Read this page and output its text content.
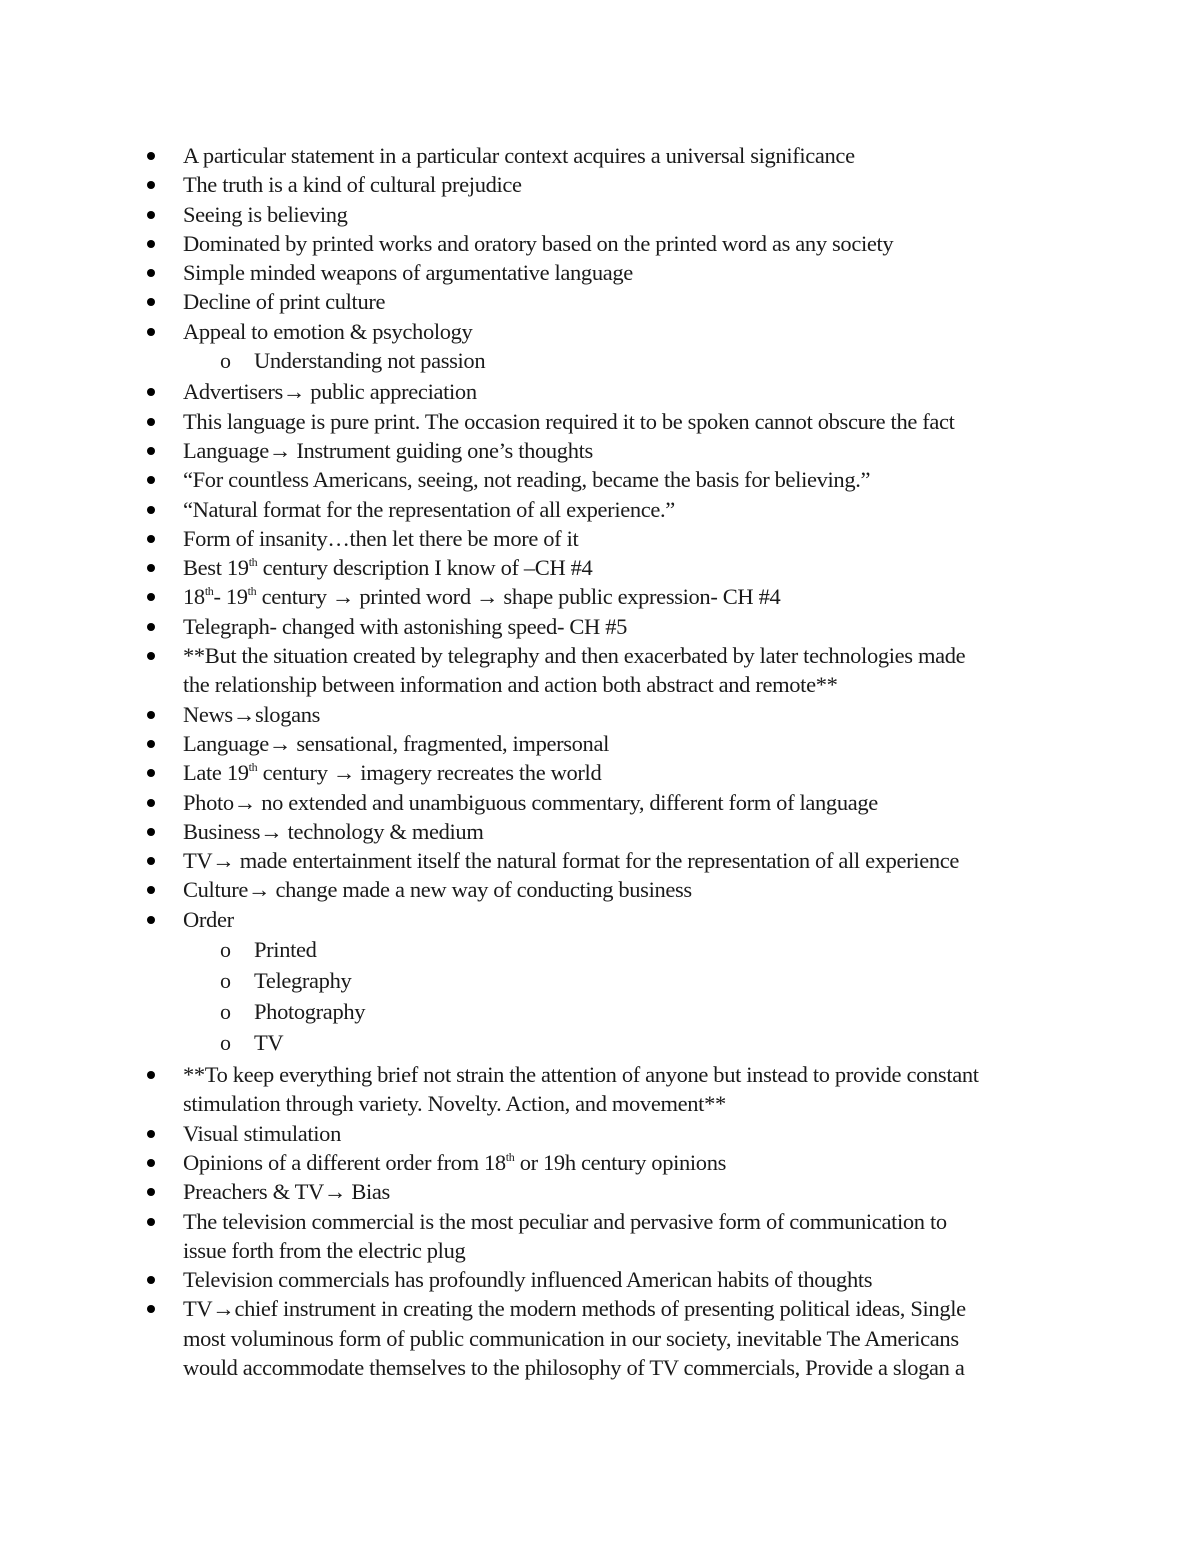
A particular statement in a particular context acquires a universal significance
The truth is a kind of cultural prejudice
Seeing is believing
Dominated by printed works and oratory based on the printed word as any society
Simple minded weapons of argumentative language
Decline of print culture
Appeal to emotion & psychology
o Understanding not passion
Advertisers→ public appreciation
This language is pure print. The occasion required it to be spoken cannot obscure the fact
Language→ Instrument guiding one’s thoughts
“For countless Americans, seeing, not reading, became the basis for believing.”
“Natural format for the representation of all experience.”
Form of insanity…then let there be more of it
Best 19th century description I know of –CH #4
18th- 19th century → printed word → shape public expression- CH #4
Telegraph- changed with astonishing speed- CH #5
**But the situation created by telegraphy and then exacerbated by later technologies made
the relationship between information and action both abstract and remote**
News→slogans
Language→ sensational, fragmented, impersonal
Late 19th century → imagery recreates the world
Photo→ no extended and unambiguous commentary, different form of language
Business→ technology & medium
TV→ made entertainment itself the natural format for the representation of all experience
Culture→ change made a new way of conducting business
Order
o Printed
o Telegraphy
o Photography
o TV
**To keep everything brief not strain the attention of anyone but instead to provide constant
stimulation through variety. Novelty. Action, and movement**
Visual stimulation
Opinions of a different order from 18th or 19h century opinions
Preachers & TV→ Bias
The television commercial is the most peculiar and pervasive form of communication to
issue forth from the electric plug
Television commercials has profoundly influenced American habits of thoughts
TV→chief instrument in creating the modern methods of presenting political ideas, Single
most voluminous form of public communication in our society, inevitable The Americans
would accommodate themselves to the philosophy of TV commercials, Provide a slogan a
